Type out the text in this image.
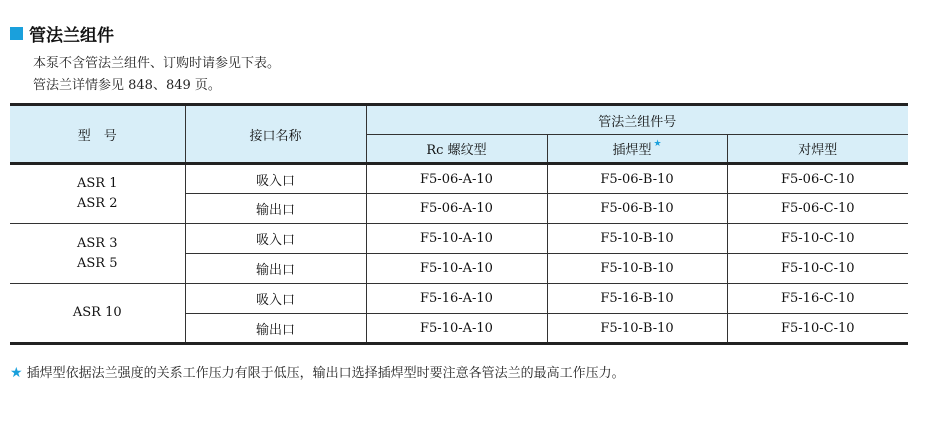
管法兰组件
本泵不含管法兰组件、订购时请参见下表。
管法兰详情参见 848、849 页。
型　号	接口名称	管法兰组件号		
		Rc 螺纹型	插焊型 ★	对焊型

ASR 1
ASR 2	吸入口	F5-06-A-10	F5-06-B-10	F5-06-C-10
	输出口	F5-06-A-10	F5-06-B-10	F5-06-C-10

ASR 3
ASR 5	吸入口	F5-10-A-10	F5-10-B-10	F5-10-C-10
	输出口	F5-10-A-10	F5-10-B-10	F5-10-C-10

ASR 10	吸入口	F5-16-A-10	F5-16-B-10	F5-16-C-10
	输出口	F5-10-A-10	F5-10-B-10	F5-10-C-10
★ 插焊型依据法兰强度的关系工作压力有限于低压，输出口选择插焊型时要注意各管法兰的最高工作压力。
